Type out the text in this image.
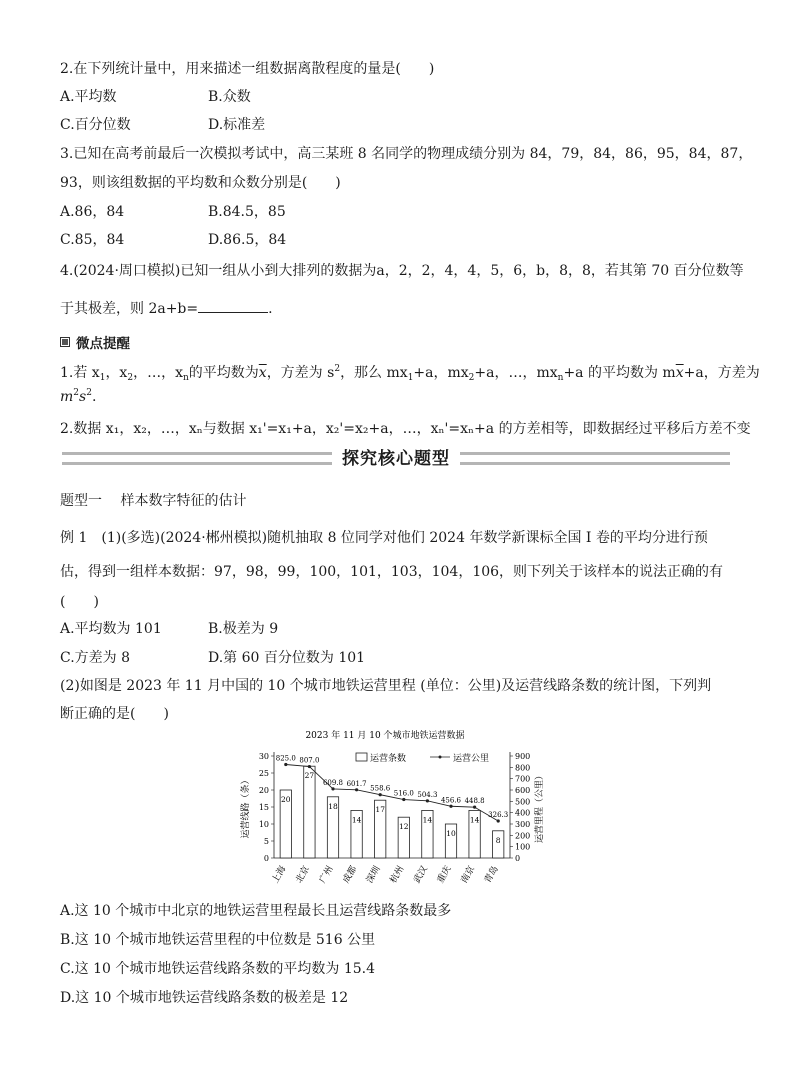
2.在下列统计量中，用来描述一组数据离散程度的量是(　　)
A.平均数	B.众数
C.百分位数	D.标准差
3.已知在高考前最后一次模拟考试中，高三某班 8 名同学的物理成绩分别为 84，79，84，86，95，84，87，
93，则该组数据的平均数和众数分别是(　　)
A.86，84	B.84.5，85
C.85，84	D.86.5，84
4.(2024·周口模拟)已知一组从小到大排列的数据为a，2，2，4，4，5，6，b，8，8，若其第 70 百分位数等
于其极差，则 2a+b=	.
微点提醒
1.若 $x_1$，$x_2$，…，$x_n$的平均数为$\overline{x}$，方差为 $s^2$，那么 $mx_1+a$，$mx_2+a$，…，$mx_n+a$ 的平均数为 $m\overline{x}+a$，方差为
$m^2s^2$.
2.数据 x₁，x₂，…，xₙ与数据 x₁'=x₁+a，x₂'=x₂+a，…，xₙ'=xₙ+a 的方差相等，即数据经过平移后方差不变
探究核心题型
题型一　 样本数字特征的估计
例 1　(1)(多选)(2024·郴州模拟)随机抽取 8 位同学对他们 2024 年数学新课标全国 I 卷的平均分进行预
估，得到一组样本数据：97，98，99，100，101，103，104，106，则下列关于该样本的说法正确的有
(　　)
A.平均数为 101	B.极差为 9
C.方差为 8	D.第 60 百分位数为 101
(2)如图是 2023 年 11 月中国的 10 个城市地铁运营里程 (单位：公里)及运营线路条数的统计图，下列判
断正确的是(　　)
2023 年 11 月 10 个城市地铁运营数据
运营条数	运营公里
0
5
10
15
20
25
30
0
100
200
300
400
500
600
700
800
900
运营线路（条）	运营里程（公里）
20
上海
27
北京
18
广州
14
成都
17
深圳
12
杭州
14
武汉
10
重庆
14
南京
8
青岛
825.0 807.0
609.8 601.7
558.6
516.0 504.3
456.6 448.8
326.3
A.这 10 个城市中北京的地铁运营里程最长且运营线路条数最多
B.这 10 个城市地铁运营里程的中位数是 516 公里
C.这 10 个城市地铁运营线路条数的平均数为 15.4
D.这 10 个城市地铁运营线路条数的极差是 12
